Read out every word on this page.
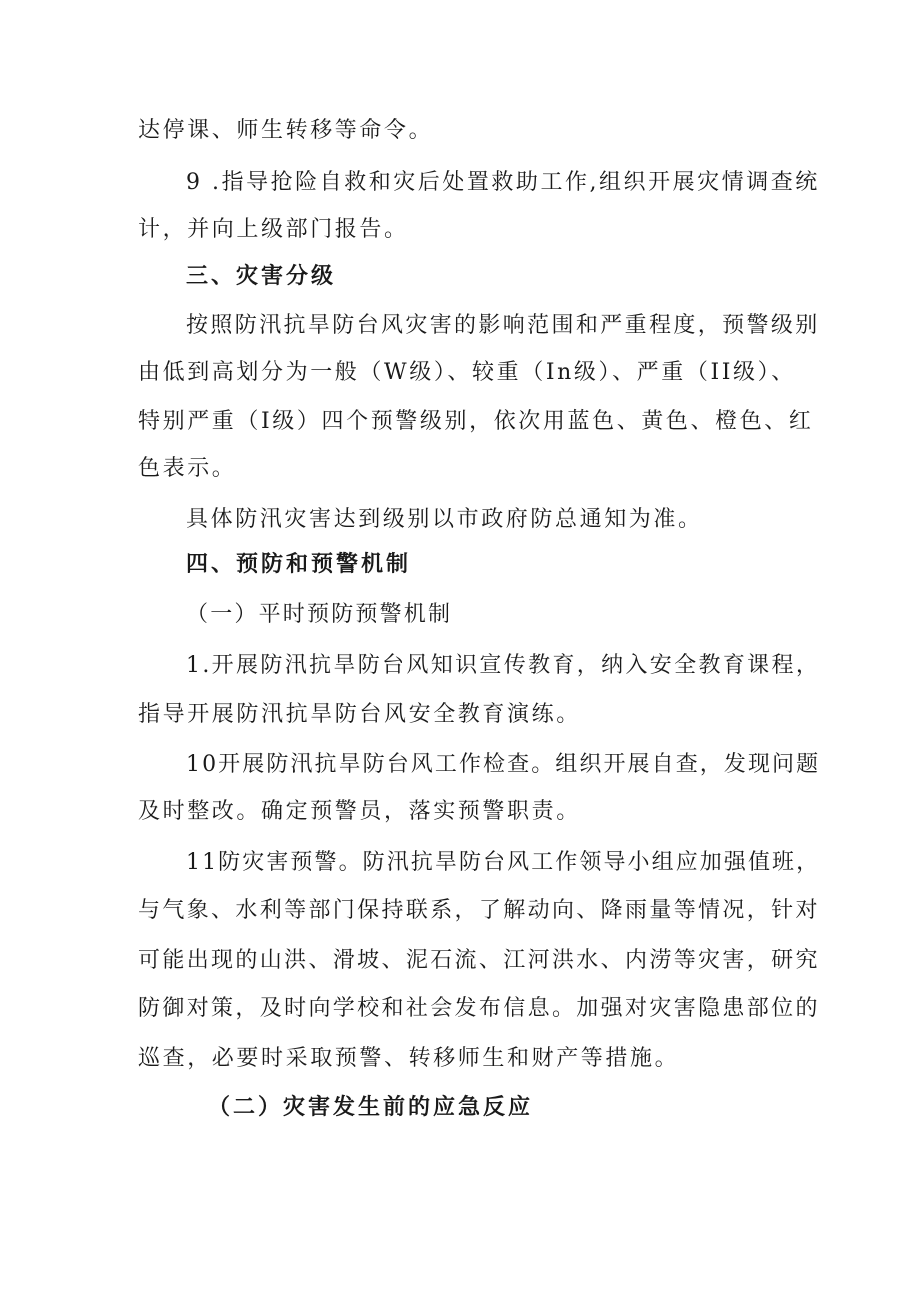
达停课、师生转移等命令。
9 .指导抢险自救和灾后处置救助工作,组织开展灾情调查统
计，并向上级部门报告。
三、灾害分级
按照防汛抗旱防台风灾害的影响范围和严重程度，预警级别
由低到高划分为一般（W级）、较重（In级）、严重（II级）、
特别严重（I级）四个预警级别，依次用蓝色、黄色、橙色、红
色表示。
具体防汛灾害达到级别以市政府防总通知为准。
四、预防和预警机制
（一）平时预防预警机制
1.开展防汛抗旱防台风知识宣传教育，纳入安全教育课程，
指导开展防汛抗旱防台风安全教育演练。
10开展防汛抗旱防台风工作检查。组织开展自查，发现问题
及时整改。确定预警员，落实预警职责。
11防灾害预警。防汛抗旱防台风工作领导小组应加强值班，
与气象、水利等部门保持联系，了解动向、降雨量等情况，针对
可能出现的山洪、滑坡、泥石流、江河洪水、内涝等灾害，研究
防御对策，及时向学校和社会发布信息。加强对灾害隐患部位的
巡查，必要时采取预警、转移师生和财产等措施。
（二）灾害发生前的应急反应
